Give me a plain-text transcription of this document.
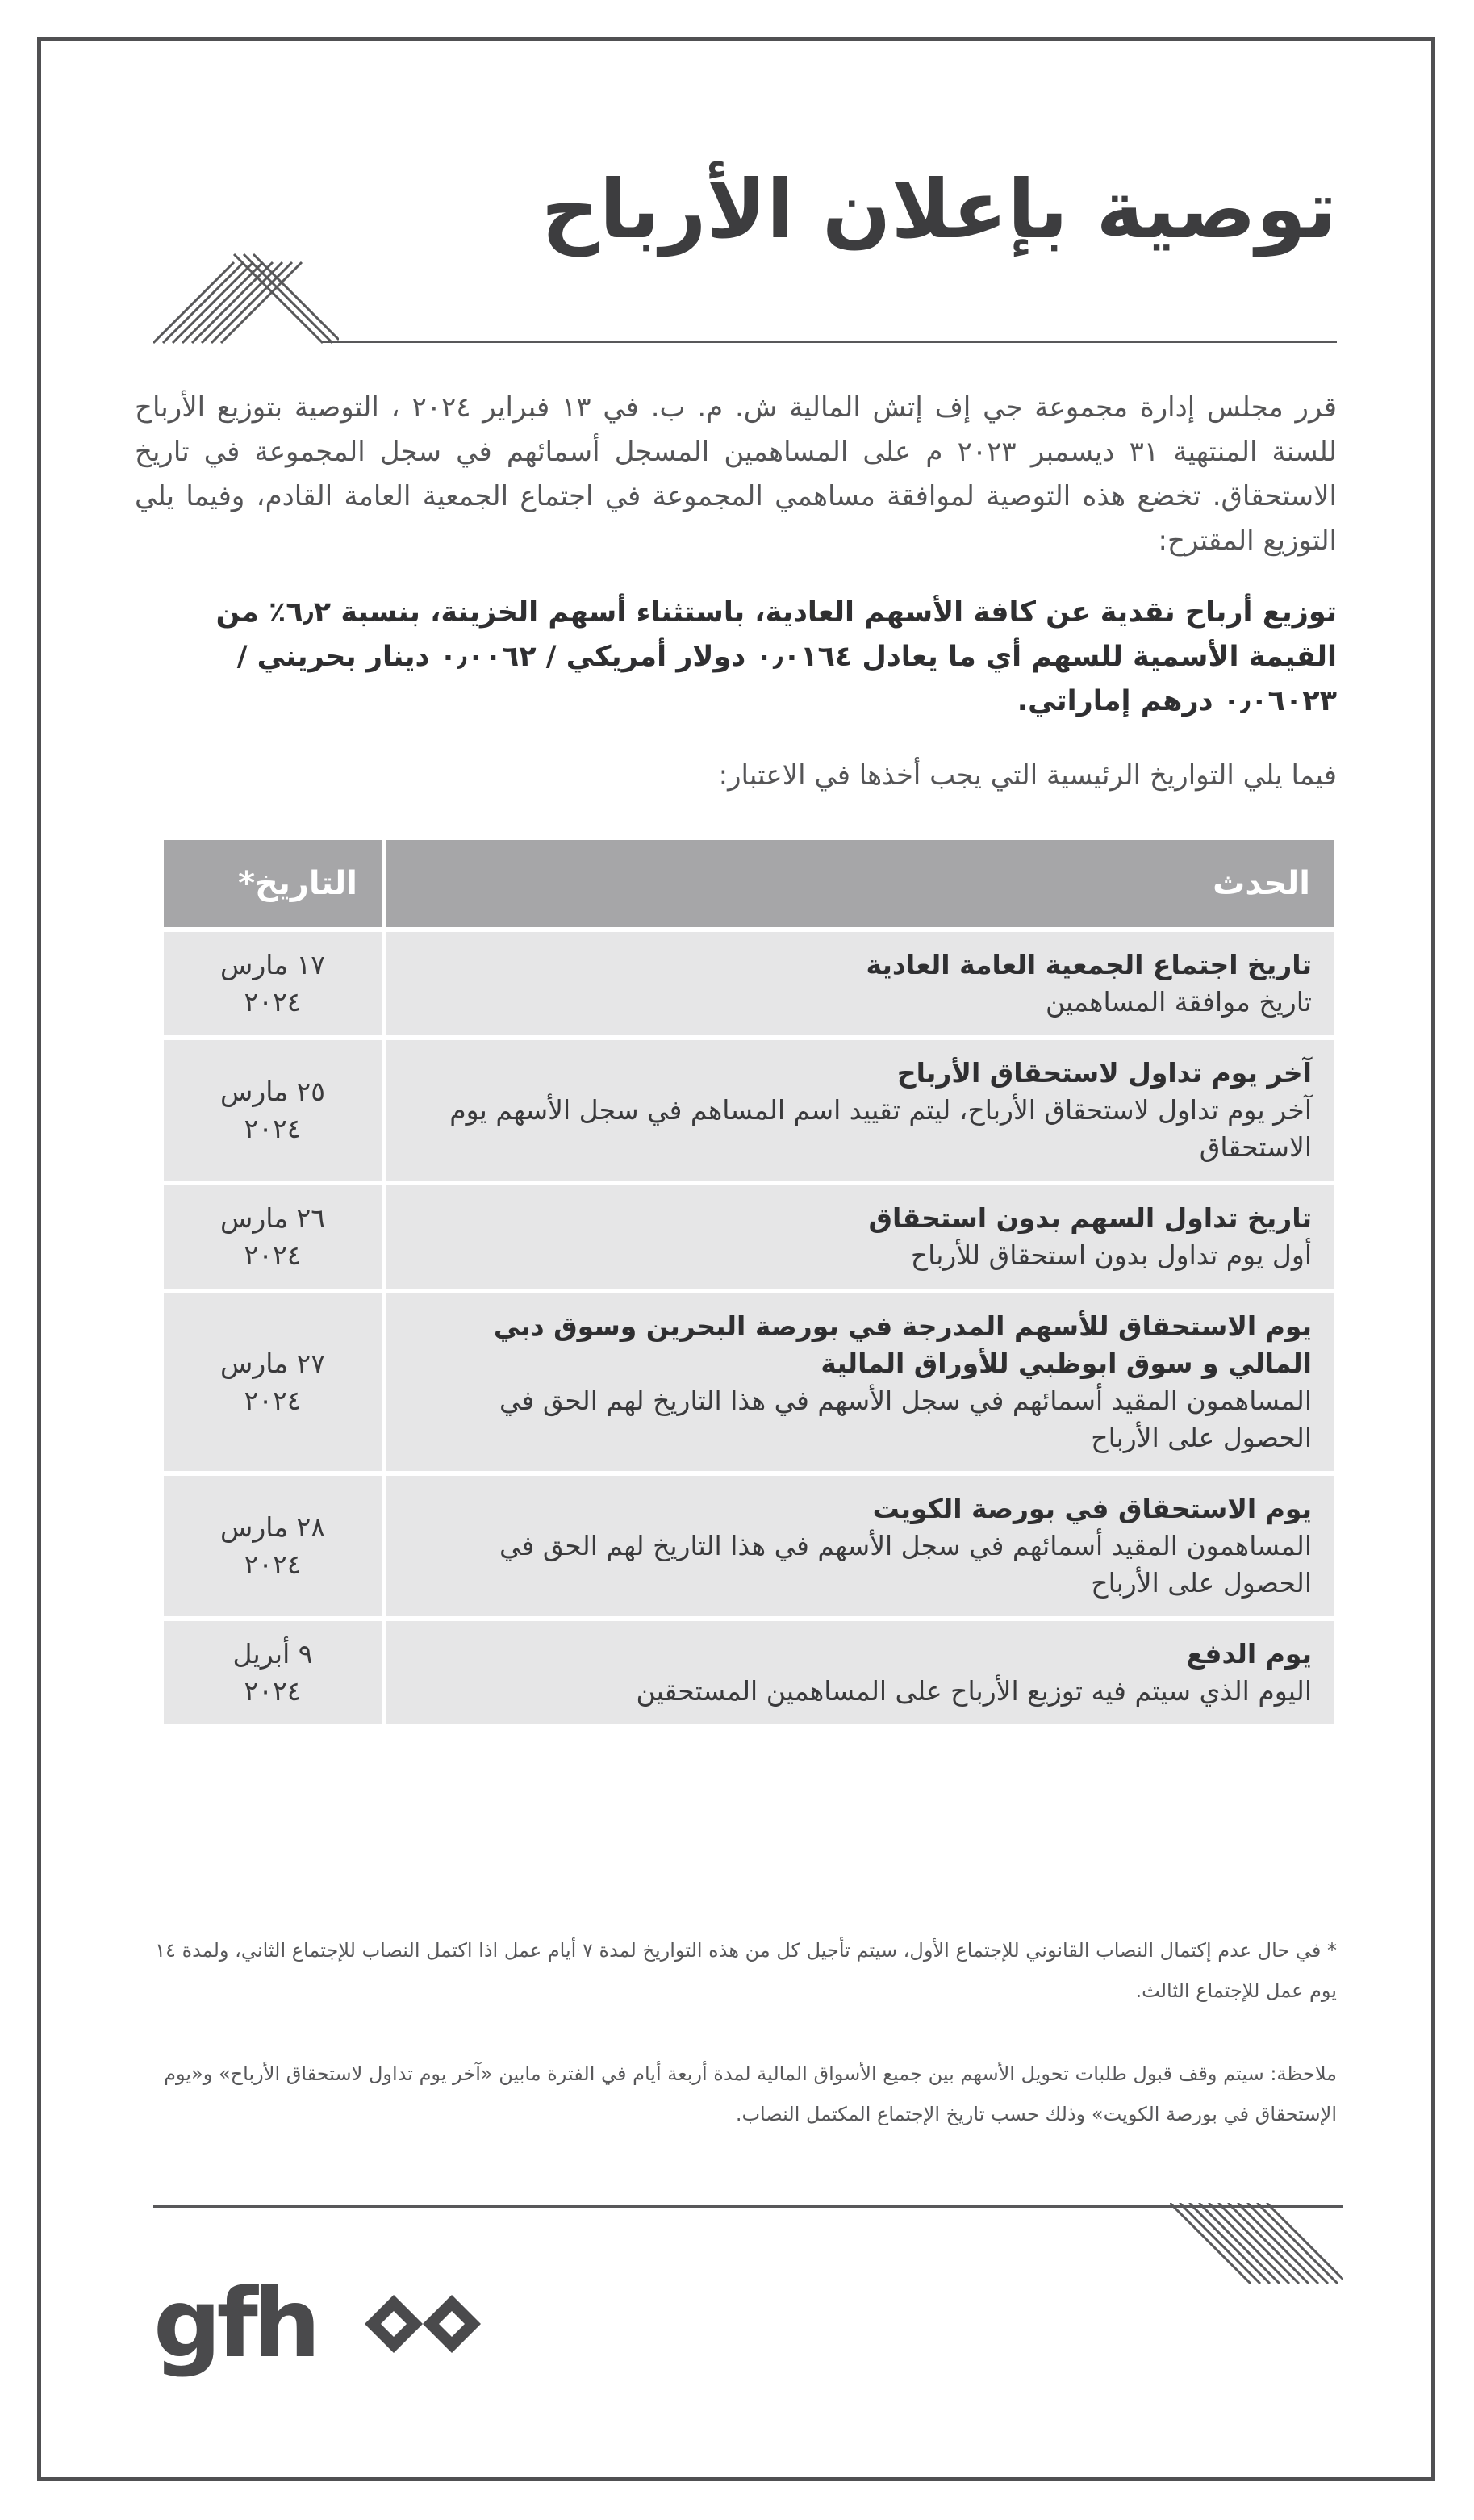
توصية بإعلان الأرباح

قرر مجلس إدارة مجموعة جي إف إتش المالية ش. م. ب. في ١٣ فبراير ٢٠٢٤ ، التوصية بتوزيع الأرباح للسنة المنتهية ٣١ ديسمبر ٢٠٢٣ م على المساهمين المسجل أسمائهم في سجل المجموعة في تاريخ الاستحقاق. تخضع هذه التوصية لموافقة مساهمي المجموعة في اجتماع الجمعية العامة القادم، وفيما يلي التوزيع المقترح:

توزيع أرباح نقدية عن كافة الأسهم العادية، باستثناء أسهم الخزينة، بنسبة ٦٫٢٪ من القيمة الأسمية للسهم أي ما يعادل ٠٫٠١٦٤ دولار أمريكي / ٠٫٠٠٦٢ دينار بحريني / ٠٫٠٦٠٢٣ درهم إماراتي.

فيما يلي التواريخ الرئيسية التي يجب أخذها في الاعتبار:

الحدث	التاريخ*

تاريخ اجتماع الجمعية العامة العادية
تاريخ موافقة المساهمين	١٧ مارس
٢٠٢٤

آخر يوم تداول لاستحقاق الأرباح
آخر يوم تداول لاستحقاق الأرباح، ليتم تقييد اسم المساهم في سجل الأسهم يوم الاستحقاق	٢٥ مارس
٢٠٢٤

تاريخ تداول السهم بدون استحقاق
أول يوم تداول بدون استحقاق للأرباح	٢٦ مارس
٢٠٢٤

يوم الاستحقاق للأسهم المدرجة في بورصة البحرين وسوق دبي المالي و سوق ابوظبي للأوراق المالية
المساهمون المقيد أسمائهم في سجل الأسهم في هذا التاريخ لهم الحق في الحصول على الأرباح	٢٧ مارس
٢٠٢٤

يوم الاستحقاق في بورصة الكويت
المساهمون المقيد أسمائهم في سجل الأسهم في هذا التاريخ لهم الحق في الحصول على الأرباح	٢٨ مارس
٢٠٢٤

يوم الدفع
اليوم الذي سيتم فيه توزيع الأرباح على المساهمين المستحقين	٩ أبريل
٢٠٢٤

* في حال عدم إكتمال النصاب القانوني للإجتماع الأول، سيتم تأجيل كل من هذه التواريخ لمدة ٧ أيام عمل اذا اكتمل النصاب للإجتماع الثاني، ولمدة ١٤ يوم عمل للإجتماع الثالث.

ملاحظة: سيتم وقف قبول طلبات تحويل الأسهم بين جميع الأسواق المالية لمدة أربعة أيام في الفترة مابين «آخر يوم تداول لاستحقاق الأرباح» و«يوم الإستحقاق في بورصة الكويت» وذلك حسب تاريخ الإجتماع المكتمل النصاب.

gfh
